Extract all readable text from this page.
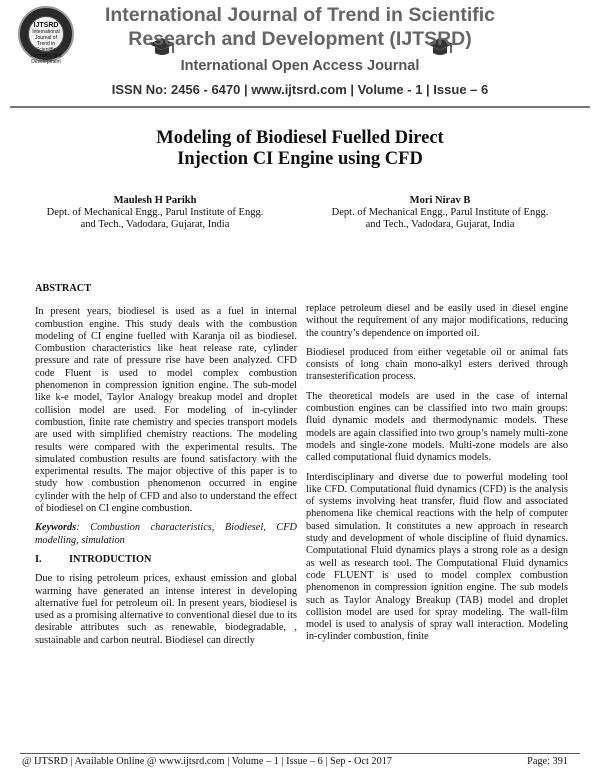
IJTSRD
International Journal of Trend in Scientific Research and Development
International Journal of Trend in Scientific
Research and Development (IJTSRD)
International Open Access Journal
ISSN No: 2456 - 6470 | www.ijtsrd.com | Volume - 1 | Issue – 6
Modeling of Biodiesel Fuelled Direct
Injection CI Engine using CFD
Maulesh H Parikh
Dept. of Mechanical Engg., Parul Institute of Engg.
and Tech., Vadodara, Gujarat, India
Mori Nirav B
Dept. of Mechanical Engg., Parul Institute of Engg.
and Tech., Vadodara, Gujarat, India

ABSTRACT

In present years, biodiesel is used as a fuel in internal combustion engine. This study deals with the combustion modeling of CI engine fuelled with Karanja oil as biodiesel. Combustion characteristics like heat release rate, cylinder pressure and rate of pressure rise have been analyzed. CFD code Fluent is used to model complex combustion phenomenon in compression ignition engine. The sub-model like k-e model, Taylor Analogy breakup model and droplet collision model are used. For modeling of in-cylinder combustion, finite rate chemistry and species transport models are used with simplified chemistry reactions. The modeling results were compared with the experimental results. The simulated combustion results are found satisfactory with the experimental results. The major objective of this paper is to study how combustion phenomenon occurred in engine cylinder with the help of CFD and also to understand the effect of biodiesel on CI engine combustion.

Keywords: Combustion characteristics, Biodiesel, CFD modelling, simulation

I.	INTRODUCTION

Due to rising petroleum prices, exhaust emission and global warming have generated an intense interest in developing alternative fuel for petroleum oil. In present years, biodiesel is used as a promising alternative to conventional diesel due to its desirable attributes such as renewable, biodegradable, , sustainable and carbon neutral. Biodiesel can directly

replace petroleum diesel and be easily used in diesel engine without the requirement of any major modifications, reducing the country’s dependence on imported oil.

Biodiesel produced from either vegetable oil or animal fats consists of long chain mono-alkyl esters derived through transesterification process.

The theoretical models are used in the case of internal combustion engines can be classified into two main groups: fluid dynamic models and thermodynamic models. These models are again classified into two group’s namely multi-zone models and single-zone models. Multi-zone models are also called computational fluid dynamics models.

Interdisciplinary and diverse due to powerful modeling tool like CFD. Computational fluid dynamics (CFD) is the analysis of systems involving heat transfer, fluid flow and associated phenomena like chemical reactions with the help of computer based simulation. It constitutes a new approach in research study and development of whole discipline of fluid dynamics. Computational Fluid dynamics plays a strong role as a design as well as research tool. The Computational Fluid dynamics code FLUENT is used to model complex combustion phenomenon in compression ignition engine. The sub models such as Taylor Analogy Breakup (TAB) model and droplet collision model are used for spray modeling. The wall-film model is used to analysis of spray wall interaction. Modeling in-cylinder combustion, finite

@ IJTSRD | Available Online @ www.ijtsrd.com | Volume – 1 | Issue – 6 | Sep - Oct 2017	Page: 391
